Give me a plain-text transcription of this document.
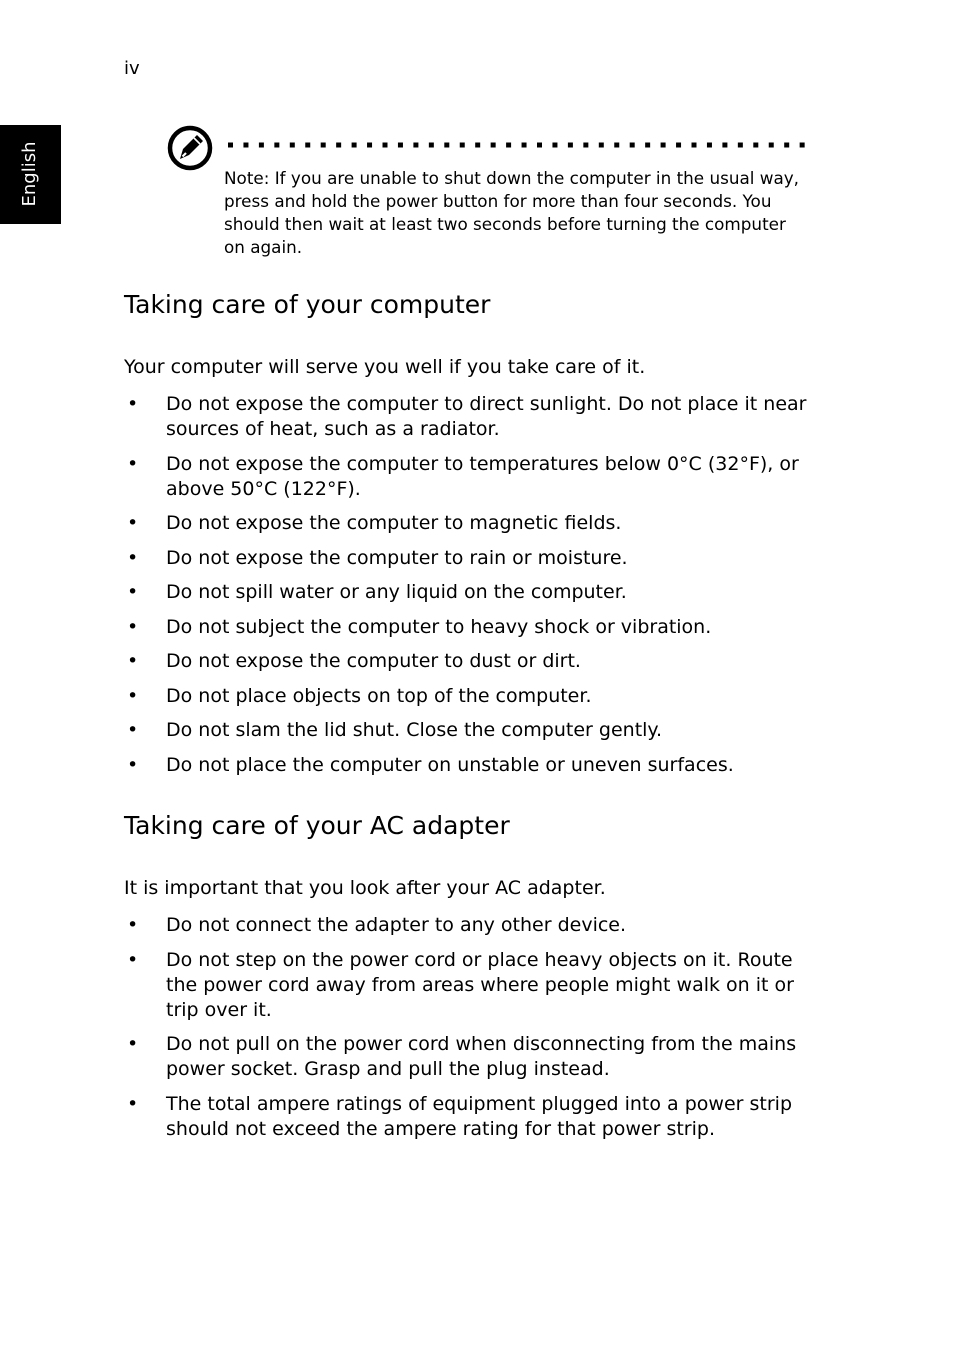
iv
English	Note: If you are unable to shut down the computer in the usual way, press and hold the power button for more than four seconds. You should then wait at least two seconds before turning the computer on again.
Taking care of your computer

Your computer will serve you well if you take care of it.

• Do not expose the computer to direct sunlight. Do not place it near sources of heat, such as a radiator.
• Do not expose the computer to temperatures below 0°C (32°F), or above 50°C (122°F).
• Do not expose the computer to magnetic fields.
• Do not expose the computer to rain or moisture.
• Do not spill water or any liquid on the computer.
• Do not subject the computer to heavy shock or vibration.
• Do not expose the computer to dust or dirt.
• Do not place objects on top of the computer.
• Do not slam the lid shut. Close the computer gently.
• Do not place the computer on unstable or uneven surfaces.
Taking care of your AC adapter

It is important that you look after your AC adapter.

• Do not connect the adapter to any other device.
• Do not step on the power cord or place heavy objects on it. Route the power cord away from areas where people might walk on it or trip over it.
• Do not pull on the power cord when disconnecting from the mains power socket. Grasp and pull the plug instead.
• The total ampere ratings of equipment plugged into a power strip should not exceed the ampere rating for that power strip.
